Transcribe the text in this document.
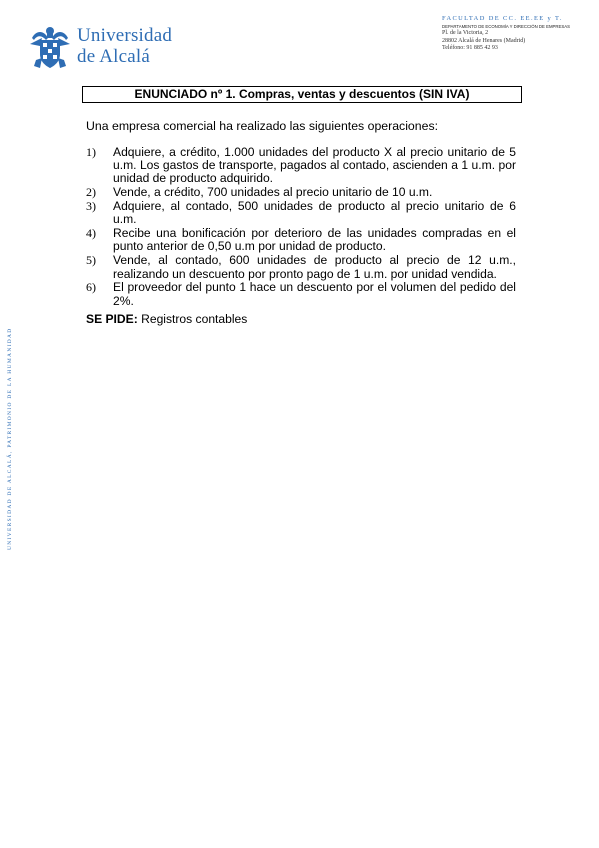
Universidad
de Alcalá
FACULTAD DE CC. EE.EE y T.
DEPARTAMENTO DE ECONOMÍA Y DIRECCIÓN DE EMPRESAS
Pl. de la Victoria, 2
28802 Alcalá de Henares (Madrid)
Teléfono: 91 885 42 93
UNIVERSIDAD DE ALCALÁ, PATRIMONIO DE LA HUMANIDAD
ENUNCIADO nº 1. Compras, ventas y descuentos (SIN IVA)
Una empresa comercial ha realizado las siguientes operaciones:
1)	Adquiere, a crédito, 1.000 unidades del producto X al precio unitario de 5 u.m. Los gastos de transporte, pagados al contado, ascienden a 1 u.m. por unidad de producto adquirido.
2)	Vende, a crédito, 700 unidades al precio unitario de 10 u.m.
3)	Adquiere, al contado, 500 unidades de producto al precio unitario de 6 u.m.
4)	Recibe una bonificación por deterioro de las unidades compradas en el punto anterior de 0,50 u.m por unidad de producto.
5)	Vende, al contado, 600 unidades de producto al precio de 12 u.m., realizando un descuento por pronto pago de 1 u.m. por unidad vendida.
6)	El proveedor del punto 1 hace un descuento por el volumen del pedido del 2%.
SE PIDE: Registros contables
